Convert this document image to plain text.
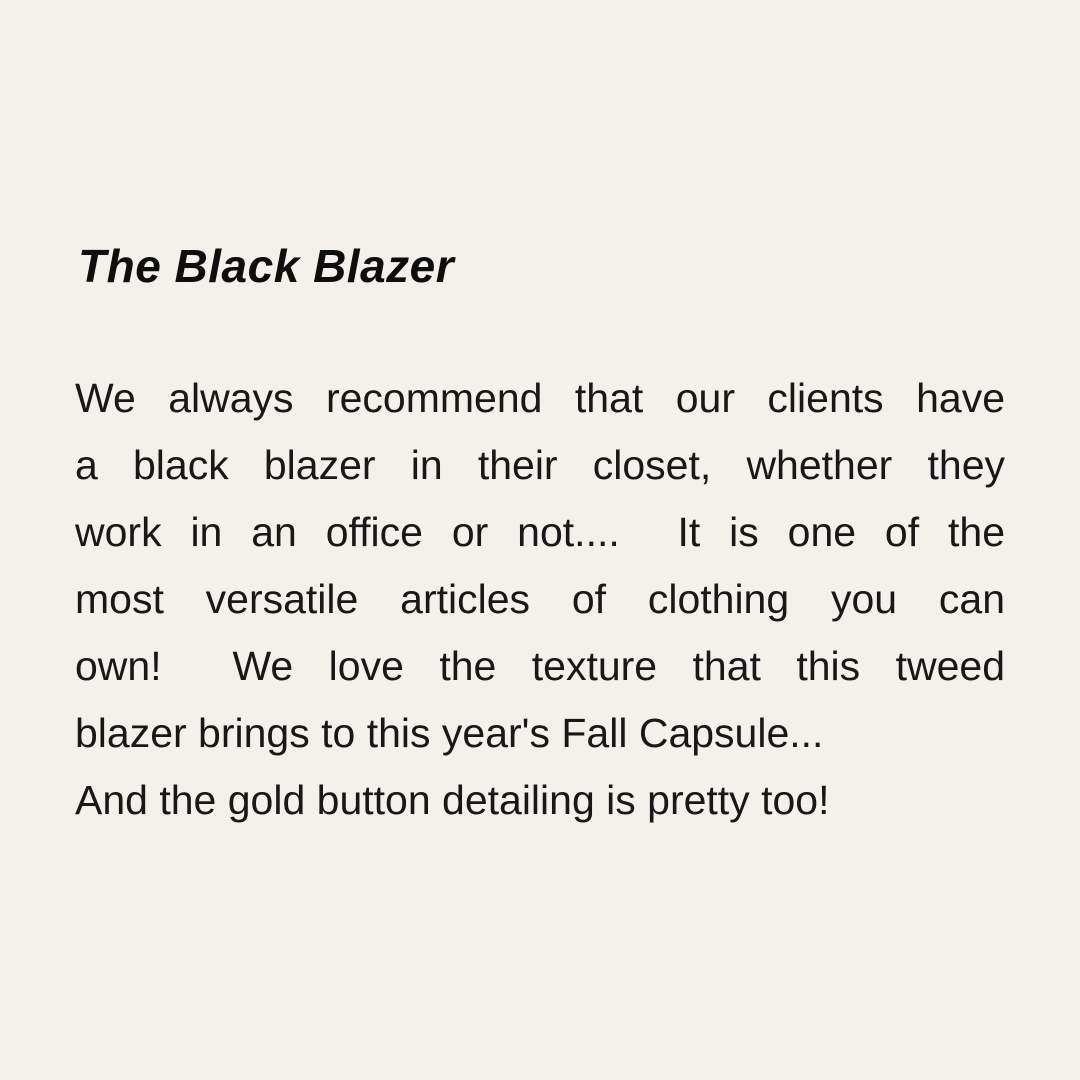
The Black Blazer
We always recommend that our clients have
a black blazer in their closet, whether they
work in an office or not....  It is one of the
most versatile articles of clothing you can
own!  We love the texture that this tweed
blazer brings to this year's Fall Capsule...
And the gold button detailing is pretty too!
